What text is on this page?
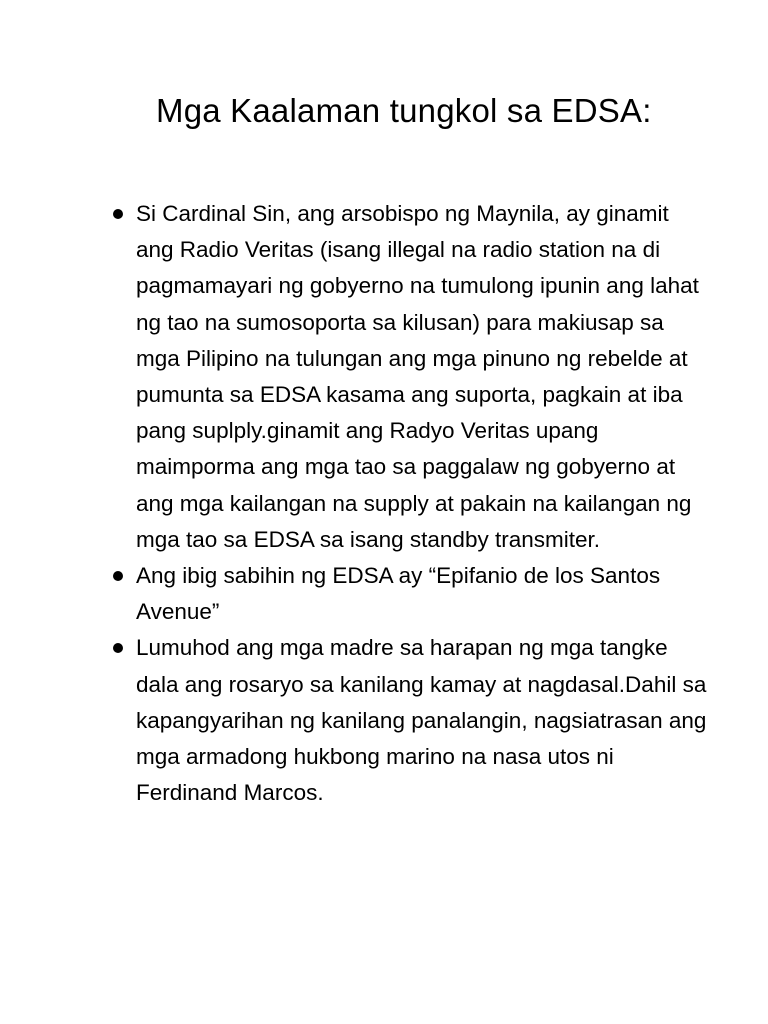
Mga Kaalaman tungkol sa EDSA:
Si Cardinal Sin, ang arsobispo ng Maynila, ay ginamit ang Radio Veritas (isang illegal na radio station na di pagmamayari ng gobyerno na tumulong ipunin ang lahat ng tao na sumosoporta sa kilusan) para makiusap sa mga Pilipino na tulungan ang mga pinuno ng rebelde at pumunta sa EDSA kasama ang suporta, pagkain at iba pang suplply.ginamit ang Radyo Veritas upang maimporma ang mga tao sa paggalaw ng gobyerno at ang mga kailangan na supply at pakain na kailangan ng mga tao sa EDSA sa isang standby transmiter.
Ang ibig sabihin ng EDSA ay “Epifanio de los Santos Avenue”
Lumuhod ang mga madre sa harapan ng mga tangke dala ang rosaryo sa kanilang kamay at nagdasal.Dahil sa kapangyarihan ng kanilang panalangin, nagsiatrasan ang mga armadong hukbong marino na nasa utos ni Ferdinand Marcos.
